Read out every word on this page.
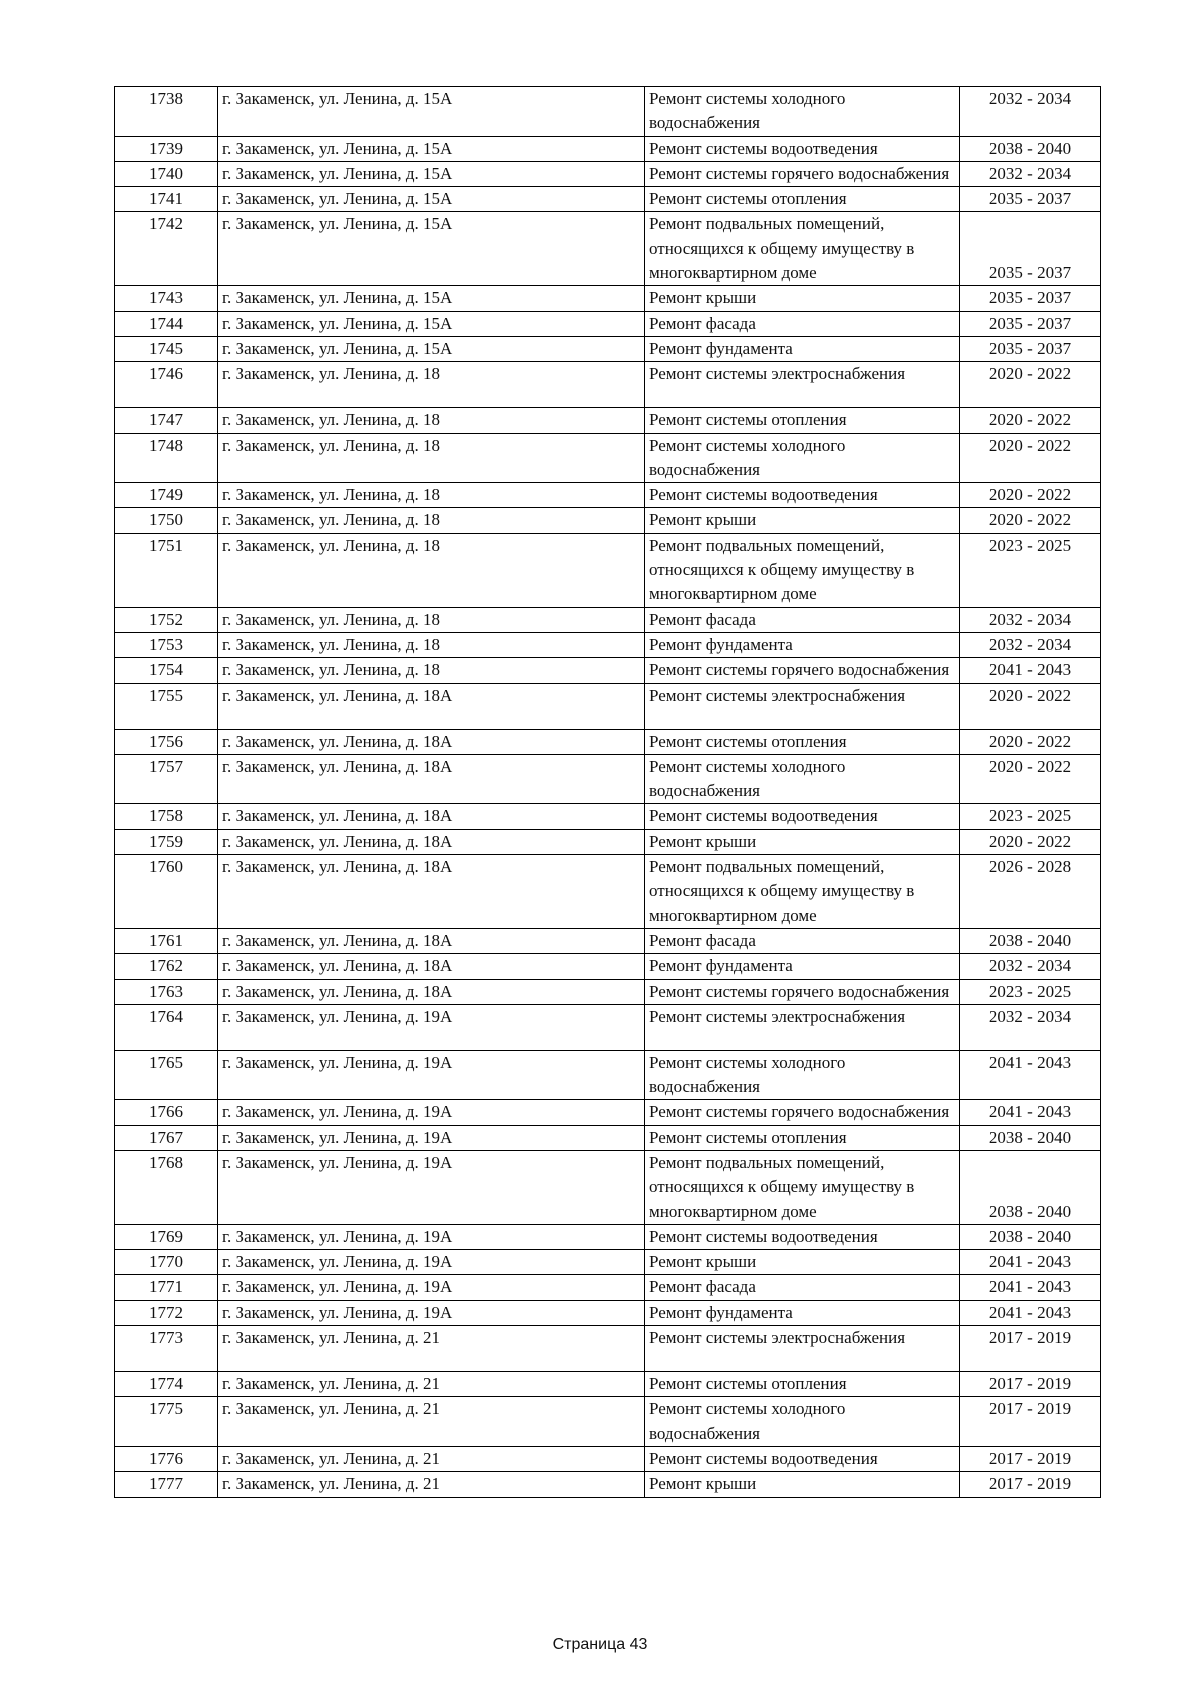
1738	г. Закаменск, ул. Ленина, д. 15А	Ремонт системы холодного водоснабжения	2032 - 2034
1739	г. Закаменск, ул. Ленина, д. 15А	Ремонт системы водоотведения	2038 - 2040
1740	г. Закаменск, ул. Ленина, д. 15А	Ремонт системы горячего водоснабжения	2032 - 2034
1741	г. Закаменск, ул. Ленина, д. 15А	Ремонт системы отопления	2035 - 2037
1742	г. Закаменск, ул. Ленина, д. 15А	Ремонт подвальных помещений, относящихся к общему имуществу в многоквартирном доме	2035 - 2037
1743	г. Закаменск, ул. Ленина, д. 15А	Ремонт крыши	2035 - 2037
1744	г. Закаменск, ул. Ленина, д. 15А	Ремонт фасада	2035 - 2037
1745	г. Закаменск, ул. Ленина, д. 15А	Ремонт фундамента	2035 - 2037
1746	г. Закаменск, ул. Ленина, д. 18	Ремонт системы электроснабжения	2020 - 2022
1747	г. Закаменск, ул. Ленина, д. 18	Ремонт системы отопления	2020 - 2022
1748	г. Закаменск, ул. Ленина, д. 18	Ремонт системы холодного водоснабжения	2020 - 2022
1749	г. Закаменск, ул. Ленина, д. 18	Ремонт системы водоотведения	2020 - 2022
1750	г. Закаменск, ул. Ленина, д. 18	Ремонт крыши	2020 - 2022
1751	г. Закаменск, ул. Ленина, д. 18	Ремонт подвальных помещений, относящихся к общему имуществу в многоквартирном доме	2023 - 2025
1752	г. Закаменск, ул. Ленина, д. 18	Ремонт фасада	2032 - 2034
1753	г. Закаменск, ул. Ленина, д. 18	Ремонт фундамента	2032 - 2034
1754	г. Закаменск, ул. Ленина, д. 18	Ремонт системы горячего водоснабжения	2041 - 2043
1755	г. Закаменск, ул. Ленина, д. 18А	Ремонт системы электроснабжения	2020 - 2022
1756	г. Закаменск, ул. Ленина, д. 18А	Ремонт системы отопления	2020 - 2022
1757	г. Закаменск, ул. Ленина, д. 18А	Ремонт системы холодного водоснабжения	2020 - 2022
1758	г. Закаменск, ул. Ленина, д. 18А	Ремонт системы водоотведения	2023 - 2025
1759	г. Закаменск, ул. Ленина, д. 18А	Ремонт крыши	2020 - 2022
1760	г. Закаменск, ул. Ленина, д. 18А	Ремонт подвальных помещений, относящихся к общему имуществу в многоквартирном доме	2026 - 2028
1761	г. Закаменск, ул. Ленина, д. 18А	Ремонт фасада	2038 - 2040
1762	г. Закаменск, ул. Ленина, д. 18А	Ремонт фундамента	2032 - 2034
1763	г. Закаменск, ул. Ленина, д. 18А	Ремонт системы горячего водоснабжения	2023 - 2025
1764	г. Закаменск, ул. Ленина, д. 19А	Ремонт системы электроснабжения	2032 - 2034
1765	г. Закаменск, ул. Ленина, д. 19А	Ремонт системы холодного водоснабжения	2041 - 2043
1766	г. Закаменск, ул. Ленина, д. 19А	Ремонт системы горячего водоснабжения	2041 - 2043
1767	г. Закаменск, ул. Ленина, д. 19А	Ремонт системы отопления	2038 - 2040
1768	г. Закаменск, ул. Ленина, д. 19А	Ремонт подвальных помещений, относящихся к общему имуществу в многоквартирном доме	2038 - 2040
1769	г. Закаменск, ул. Ленина, д. 19А	Ремонт системы водоотведения	2038 - 2040
1770	г. Закаменск, ул. Ленина, д. 19А	Ремонт крыши	2041 - 2043
1771	г. Закаменск, ул. Ленина, д. 19А	Ремонт фасада	2041 - 2043
1772	г. Закаменск, ул. Ленина, д. 19А	Ремонт фундамента	2041 - 2043
1773	г. Закаменск, ул. Ленина, д. 21	Ремонт системы электроснабжения	2017 - 2019
1774	г. Закаменск, ул. Ленина, д. 21	Ремонт системы отопления	2017 - 2019
1775	г. Закаменск, ул. Ленина, д. 21	Ремонт системы холодного водоснабжения	2017 - 2019
1776	г. Закаменск, ул. Ленина, д. 21	Ремонт системы водоотведения	2017 - 2019
1777	г. Закаменск, ул. Ленина, д. 21	Ремонт крыши	2017 - 2019
Страница 43
